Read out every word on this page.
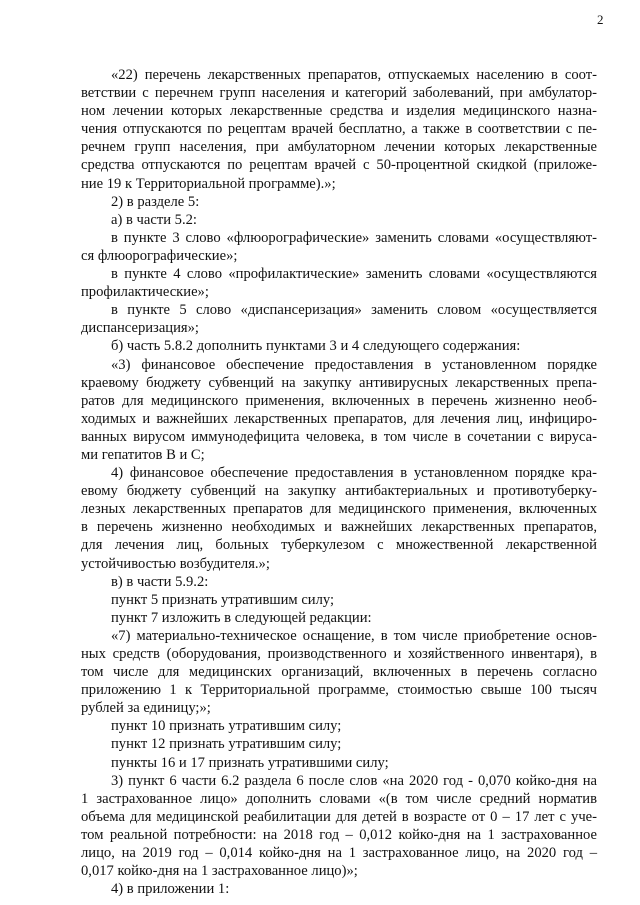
2
«22) перечень лекарственных препаратов, отпускаемых населению в соот-
ветствии с перечнем групп населения и категорий заболеваний, при амбулатор-
ном лечении которых лекарственные средства и изделия медицинского назна-
чения отпускаются по рецептам врачей бесплатно, а также в соответствии с пе-
речнем групп населения, при амбулаторном лечении которых лекарственные
средства отпускаются по рецептам врачей с 50-процентной скидкой (приложе-
ние 19 к Территориальной программе).»;
2) в разделе 5:
а) в части 5.2:
в пункте 3 слово «флюорографические» заменить словами «осуществляют-
ся флюорографические»;
в пункте 4 слово «профилактические» заменить словами «осуществляются
профилактические»;
в пункте 5 слово «диспансеризация» заменить словом «осуществляется
диспансеризация»;
б) часть 5.8.2 дополнить пунктами 3 и 4 следующего содержания:
«3) финансовое обеспечение предоставления в установленном порядке
краевому бюджету субвенций на закупку антивирусных лекарственных препа-
ратов для медицинского применения, включенных в перечень жизненно необ-
ходимых и важнейших лекарственных препаратов, для лечения лиц, инфициро-
ванных вирусом иммунодефицита человека, в том числе в сочетании с вируса-
ми гепатитов В и С;
4) финансовое обеспечение предоставления в установленном порядке кра-
евому бюджету субвенций на закупку антибактериальных и противотуберку-
лезных лекарственных препаратов для медицинского применения, включенных
в перечень жизненно необходимых и важнейших лекарственных препаратов,
для лечения лиц, больных туберкулезом с множественной лекарственной
устойчивостью возбудителя.»;
в) в части 5.9.2:
пункт 5 признать утратившим силу;
пункт 7 изложить в следующей редакции:
«7) материально-техническое оснащение, в том числе приобретение основ-
ных средств (оборудования, производственного и хозяйственного инвентаря), в
том числе для медицинских организаций, включенных в перечень согласно
приложению 1 к Территориальной программе, стоимостью свыше 100 тысяч
рублей за единицу;»;
пункт 10 признать утратившим силу;
пункт 12 признать утратившим силу;
пункты 16 и 17 признать утратившими силу;
3) пункт 6 части 6.2 раздела 6 после слов «на 2020 год - 0,070 койко-дня на
1 застрахованное лицо» дополнить словами «(в том числе средний норматив
объема для медицинской реабилитации для детей в возрасте от 0 – 17 лет с уче-
том реальной потребности: на 2018 год – 0,012 койко-дня на 1 застрахованное
лицо, на 2019 год – 0,014 койко-дня на 1 застрахованное лицо, на 2020 год –
0,017 койко-дня на 1 застрахованное лицо)»;
4) в приложении 1:
